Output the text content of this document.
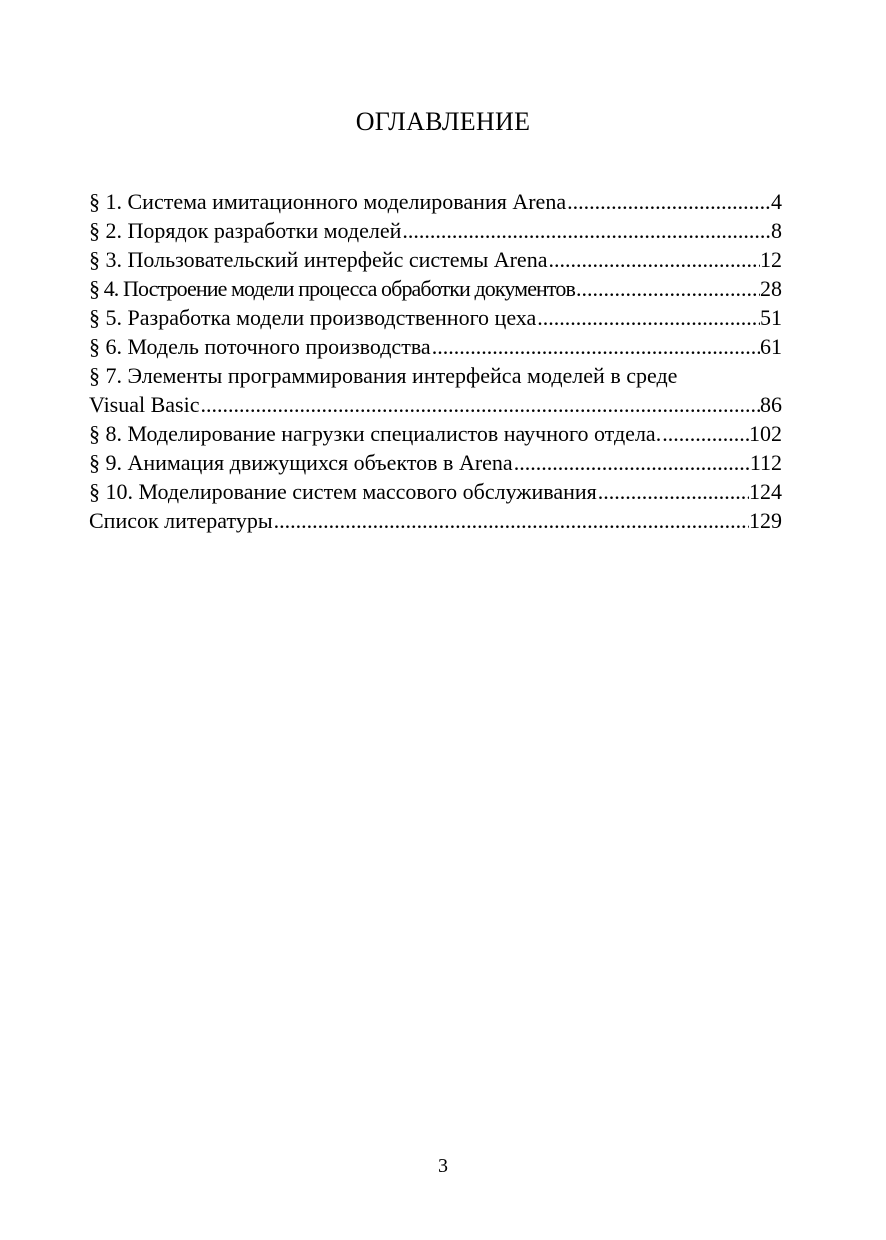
ОГЛАВЛЕНИЕ
§ 1. Система имитационного моделирования Arena .....	4
§ 2. Порядок разработки моделей .....	8
§ 3. Пользовательский интерфейс системы Arena .....	12
§ 4. Построение модели процесса обработки документов .....	28
§ 5. Разработка модели производственного цеха .....	51
§ 6. Модель поточного производства .....	61
§ 7. Элементы программирования интерфейса моделей в среде
Visual Basic .....	86
§ 8. Моделирование нагрузки специалистов научного отдела. .....	102
§ 9. Анимация движущихся объектов в Arena .....	112
§ 10. Моделирование систем массового обслуживания .....	124
Список литературы .....	129
3
